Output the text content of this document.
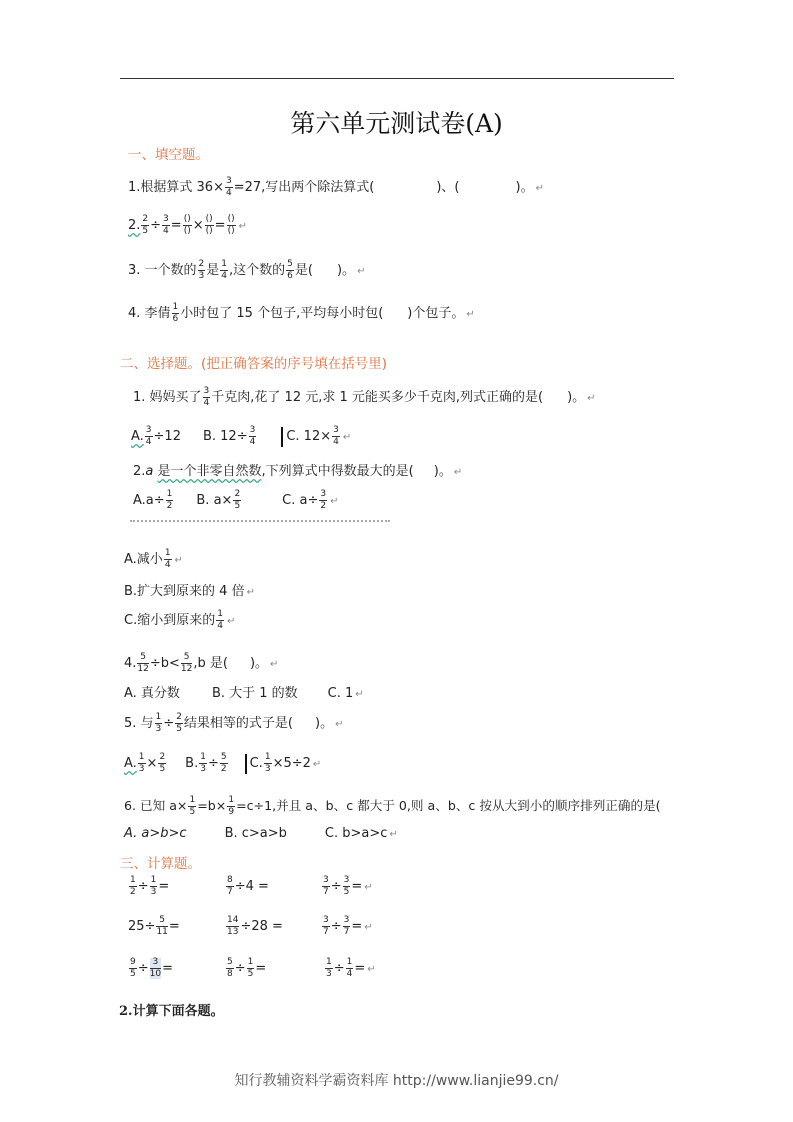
第六单元测试卷(A)
一、填空题。
1.根据算式 $36\times \frac{3}{4} =27$,写出两个除法算式(	)、(	)。 ↵
2. $\frac{2}{5} \div \frac{3}{4} = \frac{()}{()} \times \frac{()}{()} = \frac{()}{()}$ ↵
3. 一个数的 $\frac{2}{3}$ 是 $\frac{1}{4}$ ,这个数的 $\frac{5}{6}$ 是( )。 ↵
4. 李倩 $\frac{1}{6}$ 小时包了 15 个包子,平均每小时包( )个包子。 ↵
二、选择题。(把正确答案的序号填在括号里)
1. 妈妈买了 $\frac{3}{4}$ 千克肉,花了 12 元,求 1 元能买多少千克肉,列式正确的是( )。 ↵
A. $\frac{3}{4} \div 12$ B. $12\div \frac{3}{4} C$. $12\times \frac{3}{4}$ ↵
2.a 是一个非零自然数,下列算式中得数最大的是( )。 ↵
$A.a\div \frac{1}{2} B$. $a\times \frac{2}{5}$	C. $a\div \frac{3}{2}$ ↵
A.减小 $\frac{1}{4}$ ↵
B.扩大到原来的 4 倍 ↵
C.缩小到原来的 $\frac{1}{4}$ ↵
4. $\frac{5}{12} \div b< \frac{5}{12} ,b$ 是( )。 ↵
A. 真分数 B. 大于 1 的数 C. 1 ↵
5. 与 $\frac{1}{3} \div \frac{2}{5}$ 结果相等的式子是( )。 ↵
A. $\frac{1}{3} \times \frac{2}{5} B$. $\frac{1}{3} \div \frac{5}{2} C$. $\frac{1}{3} \times 5\div 2$ ↵
6. 已知 $a\times \frac{1}{5} =b\times \frac{1}{9} =c\div 1$,并且 a、b、c 都大于 0,则 a、b、c 按从大到小的顺序排列正确的是(
A. a>b>c	B. c>a>b	C. b>a>c ↵
三、计算题。
$\frac{1}{2} \div \frac{1}{3}$ =	$\frac{8}{7} \div 4$ =	$\frac{3}{7} \div \frac{3}{5}$ = ↵
$25\div \frac{5}{11}$ =	$\frac{14}{13} \div 28$ =	$\frac{3}{7} \div \frac{3}{7}$ = ↵
$\frac{9}{5} \div \frac{3}{10}$ =	$\frac{5}{8} \div \frac{1}{5}$ =	$\frac{1}{3} \div \frac{1}{4}$ = ↵
2.计算下面各题。
知行教辅资料学霸资料库 http://www.lianjie99.cn/
